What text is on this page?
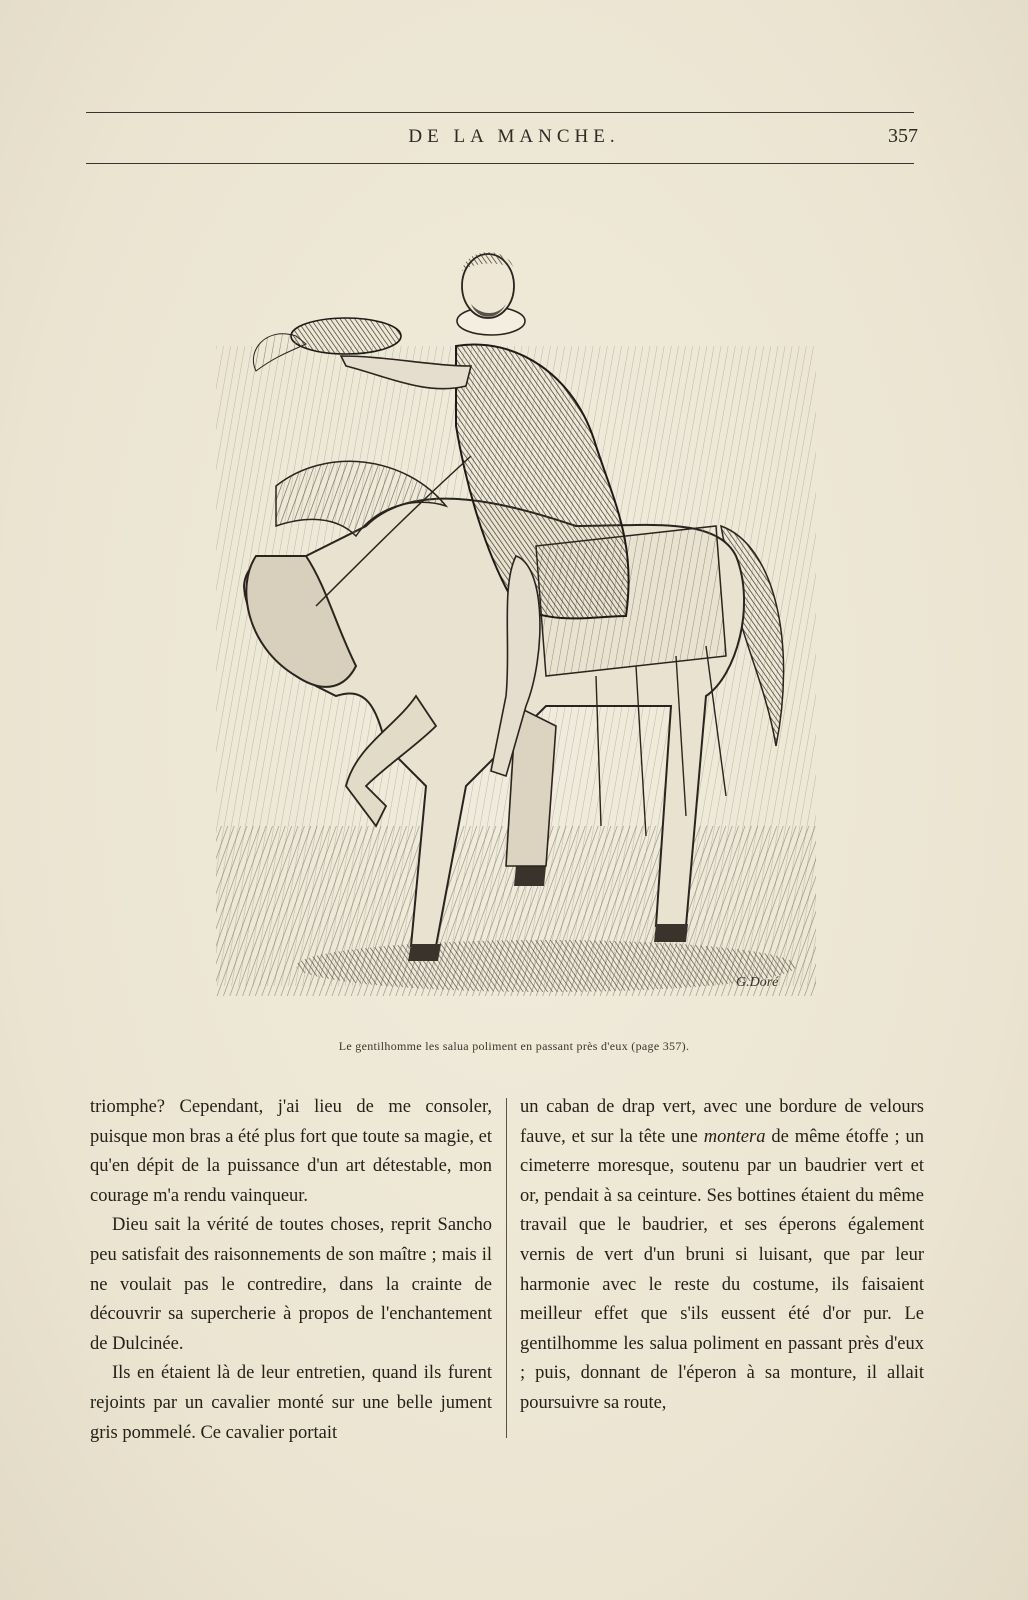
DE LA MANCHE.	357
G.Doré
Le gentilhomme les salua poliment en passant près d'eux (page 357).

triomphe? Cependant, j'ai lieu de me consoler, puisque mon bras a été plus fort que toute sa magie, et qu'en dépit de la puissance d'un art détestable, mon courage m'a rendu vainqueur.

Dieu sait la vérité de toutes choses, reprit Sancho peu satisfait des raisonnements de son maître ; mais il ne voulait pas le contredire, dans la crainte de découvrir sa supercherie à propos de l'enchantement de Dulcinée.

Ils en étaient là de leur entretien, quand ils furent rejoints par un cavalier monté sur une belle jument gris pommelé. Ce cavalier portait

un caban de drap vert, avec une bordure de velours fauve, et sur la tête une montera de même étoffe ; un cimeterre moresque, soutenu par un baudrier vert et or, pendait à sa ceinture. Ses bottines étaient du même travail que le baudrier, et ses éperons également vernis de vert d'un bruni si luisant, que par leur harmonie avec le reste du costume, ils faisaient meilleur effet que s'ils eussent été d'or pur. Le gentilhomme les salua poliment en passant près d'eux ; puis, donnant de l'éperon à sa monture, il allait poursuivre sa route,
